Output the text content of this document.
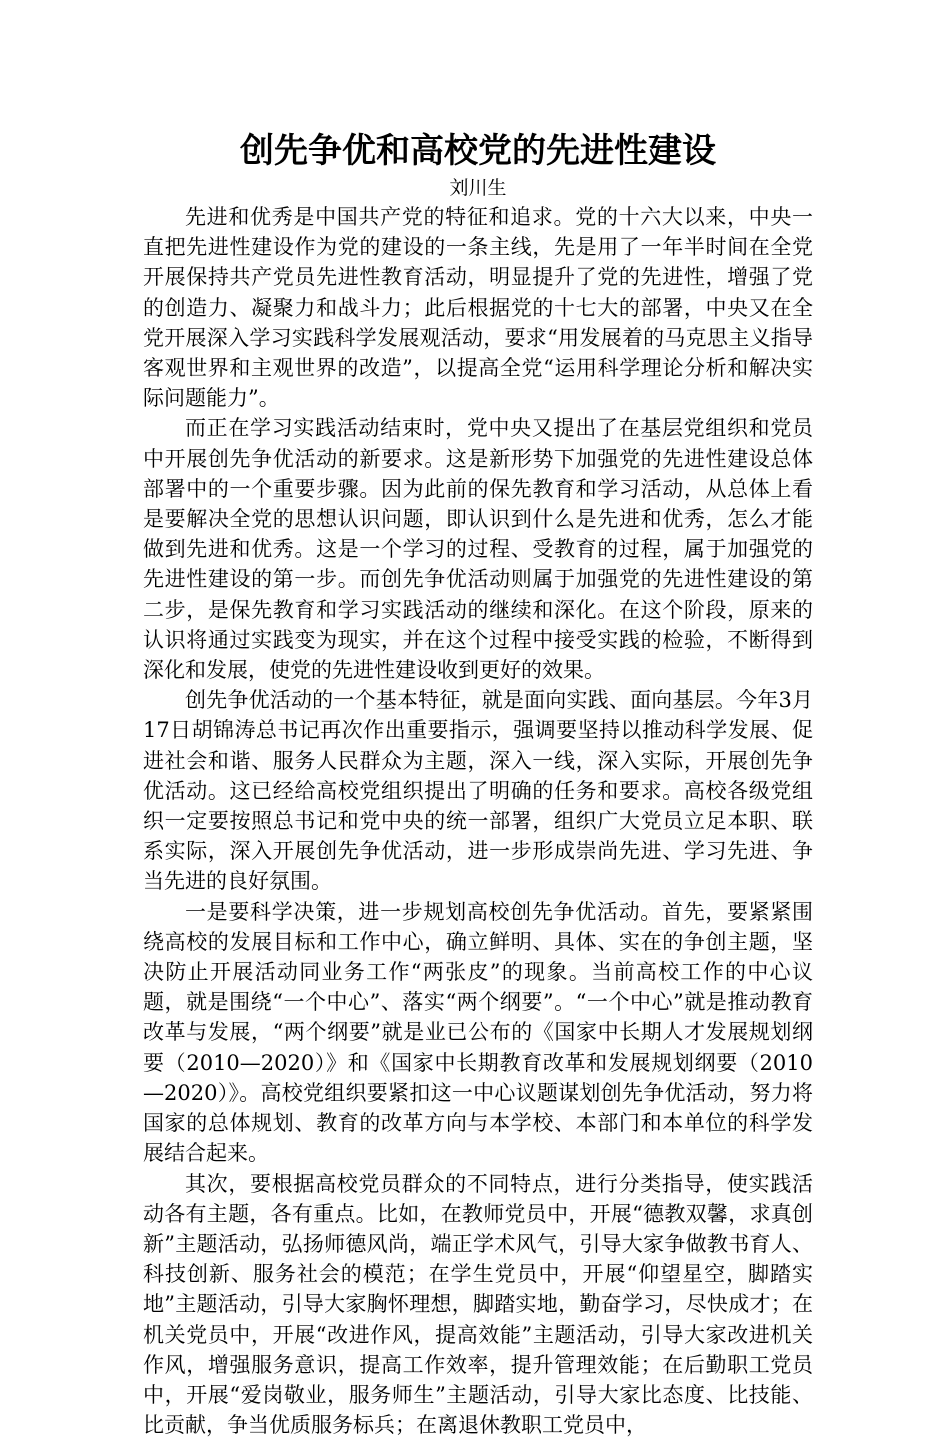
创先争优和高校党的先进性建设

刘川生

先进和优秀是中国共产党的特征和追求。党的十六大以来，中央一直把先进性建设作为党的建设的一条主线，先是用了一年半时间在全党开展保持共产党员先进性教育活动，明显提升了党的先进性，增强了党的创造力、凝聚力和战斗力；此后根据党的十七大的部署，中央又在全党开展深入学习实践科学发展观活动，要求“用发展着的马克思主义指导客观世界和主观世界的改造”，以提高全党“运用科学理论分析和解决实际问题能力”。

而正在学习实践活动结束时，党中央又提出了在基层党组织和党员中开展创先争优活动的新要求。这是新形势下加强党的先进性建设总体部署中的一个重要步骤。因为此前的保先教育和学习活动，从总体上看是要解决全党的思想认识问题，即认识到什么是先进和优秀，怎么才能做到先进和优秀。这是一个学习的过程、受教育的过程，属于加强党的先进性建设的第一步。而创先争优活动则属于加强党的先进性建设的第二步，是保先教育和学习实践活动的继续和深化。在这个阶段，原来的认识将通过实践变为现实，并在这个过程中接受实践的检验，不断得到深化和发展，使党的先进性建设收到更好的效果。

创先争优活动的一个基本特征，就是面向实践、面向基层。今年3月17日胡锦涛总书记再次作出重要指示，强调要坚持以推动科学发展、促进社会和谐、服务人民群众为主题，深入一线，深入实际，开展创先争优活动。这已经给高校党组织提出了明确的任务和要求。高校各级党组织一定要按照总书记和党中央的统一部署，组织广大党员立足本职、联系实际，深入开展创先争优活动，进一步形成崇尚先进、学习先进、争当先进的良好氛围。

一是要科学决策，进一步规划高校创先争优活动。首先，要紧紧围绕高校的发展目标和工作中心，确立鲜明、具体、实在的争创主题，坚决防止开展活动同业务工作“两张皮”的现象。当前高校工作的中心议题，就是围绕“一个中心”、落实“两个纲要”。“一个中心”就是推动教育改革与发展，“两个纲要”就是业已公布的《国家中长期人才发展规划纲要（2010—2020）》和《国家中长期教育改革和发展规划纲要（2010—2020）》。高校党组织要紧扣这一中心议题谋划创先争优活动，努力将国家的总体规划、教育的改革方向与本学校、本部门和本单位的科学发展结合起来。

其次，要根据高校党员群众的不同特点，进行分类指导，使实践活动各有主题，各有重点。比如，在教师党员中，开展“德教双馨，求真创新”主题活动，弘扬师德风尚，端正学术风气，引导大家争做教书育人、科技创新、服务社会的模范；在学生党员中，开展“仰望星空，脚踏实地”主题活动，引导大家胸怀理想，脚踏实地，勤奋学习，尽快成才；在机关党员中，开展“改进作风，提高效能”主题活动，引导大家改进机关作风，增强服务意识，提高工作效率，提升管理效能；在后勤职工党员中，开展“爱岗敬业，服务师生”主题活动，引导大家比态度、比技能、比贡献，争当优质服务标兵；在离退休教职工党员中，
